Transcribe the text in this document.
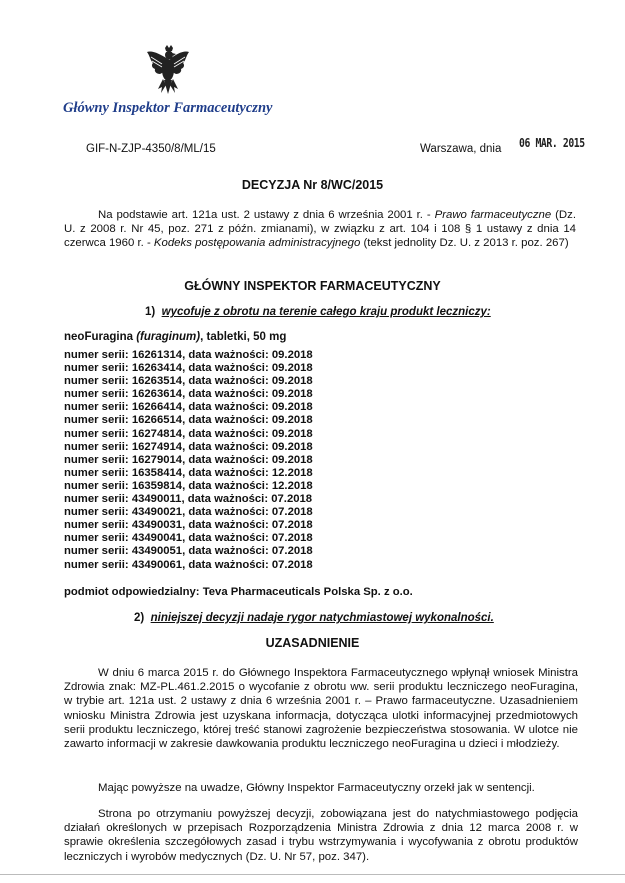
Główny Inspektor Farmaceutyczny
GIF-N-ZJP-4350/8/ML/15	Warszawa, dnia 06 MAR. 2015
DECYZJA Nr 8/WC/2015
Na podstawie art. 121a ust. 2 ustawy z dnia 6 września 2001 r. - Prawo farmaceutyczne (Dz. U. z 2008 r. Nr 45, poz. 271 z późn. zmianami), w związku z art. 104 i 108 § 1 ustawy z dnia 14 czerwca 1960 r. - Kodeks postępowania administracyjnego (tekst jednolity Dz. U. z 2013 r. poz. 267)
GŁÓWNY INSPEKTOR FARMACEUTYCZNY
1) wycofuje z obrotu na terenie całego kraju produkt leczniczy:
neoFuragina (furaginum), tabletki, 50 mg
numer serii: 16261314, data ważności: 09.2018
numer serii: 16263414, data ważności: 09.2018
numer serii: 16263514, data ważności: 09.2018
numer serii: 16263614, data ważności: 09.2018
numer serii: 16266414, data ważności: 09.2018
numer serii: 16266514, data ważności: 09.2018
numer serii: 16274814, data ważności: 09.2018
numer serii: 16274914, data ważności: 09.2018
numer serii: 16279014, data ważności: 09.2018
numer serii: 16358414, data ważności: 12.2018
numer serii: 16359814, data ważności: 12.2018
numer serii: 43490011, data ważności: 07.2018
numer serii: 43490021, data ważności: 07.2018
numer serii: 43490031, data ważności: 07.2018
numer serii: 43490041, data ważności: 07.2018
numer serii: 43490051, data ważności: 07.2018
numer serii: 43490061, data ważności: 07.2018
podmiot odpowiedzialny: Teva Pharmaceuticals Polska Sp. z o.o.
2) niniejszej decyzji nadaje rygor natychmiastowej wykonalności.
UZASADNIENIE
W dniu 6 marca 2015 r. do Głównego Inspektora Farmaceutycznego wpłynął wniosek Ministra Zdrowia znak: MZ-PL.461.2.2015 o wycofanie z obrotu ww. serii produktu leczniczego neoFuragina, w trybie art. 121a ust. 2 ustawy z dnia 6 września 2001 r. – Prawo farmaceutyczne. Uzasadnieniem wniosku Ministra Zdrowia jest uzyskana informacja, dotycząca ulotki informacyjnej przedmiotowych serii produktu leczniczego, której treść stanowi zagrożenie bezpieczeństwa stosowania. W ulotce nie zawarto informacji w zakresie dawkowania produktu leczniczego neoFuragina u dzieci i młodzieży.
Mając powyższe na uwadze, Główny Inspektor Farmaceutyczny orzekł jak w sentencji.
Strona po otrzymaniu powyższej decyzji, zobowiązana jest do natychmiastowego podjęcia działań określonych w przepisach Rozporządzenia Ministra Zdrowia z dnia 12 marca 2008 r. w sprawie określenia szczegółowych zasad i trybu wstrzymywania i wycofywania z obrotu produktów leczniczych i wyrobów medycznych (Dz. U. Nr 57, poz. 347).
